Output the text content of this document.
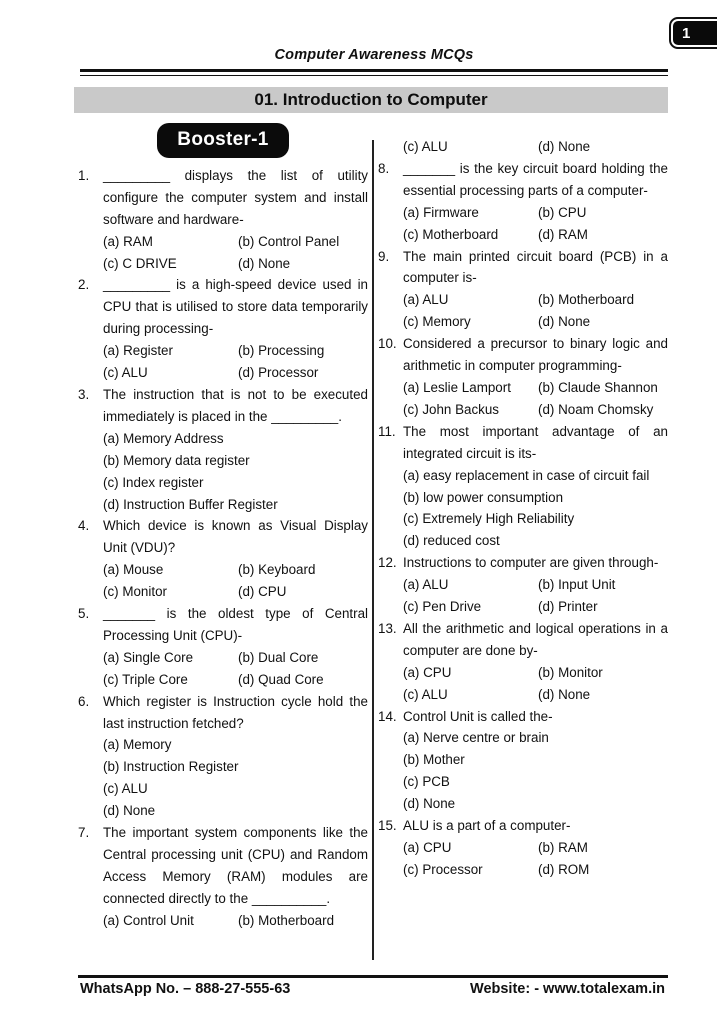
1
Computer Awareness MCQs
01. Introduction to Computer
Booster-1
1.	_________ displays the list of utility configure the computer system and install software and hardware-
(a) RAM	(b) Control Panel
(c) C DRIVE	(d) None
2.	_________ is a high-speed device used in CPU that is utilised to store data temporarily during processing-
(a) Register	(b) Processing
(c) ALU	(d) Processor
3.	The instruction that is not to be executed immediately is placed in the _________.
(a) Memory Address
(b) Memory data register
(c) Index register
(d) Instruction Buffer Register
4.	Which device is known as Visual Display Unit (VDU)?
(a) Mouse	(b) Keyboard
(c) Monitor	(d) CPU
5.	_______ is the oldest type of Central Processing Unit (CPU)-
(a) Single Core	(b) Dual Core
(c) Triple Core	(d) Quad Core
6.	Which register is Instruction cycle hold the last instruction fetched?
(a) Memory
(b) Instruction Register
(c) ALU
(d) None
7.	The important system components like the Central processing unit (CPU) and Random Access Memory (RAM) modules are connected directly to the __________.
(a) Control Unit	(b) Motherboard
(c) ALU	(d) None
8.	_______ is the key circuit board holding the essential processing parts of a computer-
(a) Firmware	(b) CPU
(c) Motherboard	(d) RAM
9.	The main printed circuit board (PCB) in a computer is-
(a) ALU	(b) Motherboard
(c) Memory	(d) None
10. Considered a precursor to binary logic and arithmetic in computer programming-
(a) Leslie Lamport	(b) Claude Shannon
(c) John Backus	(d) Noam Chomsky
11. The most important advantage of an integrated circuit is its-
(a) easy replacement in case of circuit fail
(b) low power consumption
(c) Extremely High Reliability
(d) reduced cost
12. Instructions to computer are given through-
(a) ALU	(b) Input Unit
(c) Pen Drive	(d) Printer
13. All the arithmetic and logical operations in a computer are done by-
(a) CPU	(b) Monitor
(c) ALU	(d) None
14. Control Unit is called the-
(a) Nerve centre or brain
(b) Mother
(c) PCB
(d) None
15. ALU is a part of a computer-
(a) CPU	(b) RAM
(c) Processor	(d) ROM
WhatsApp No. – 888-27-555-63	Website: - www.totalexam.in
